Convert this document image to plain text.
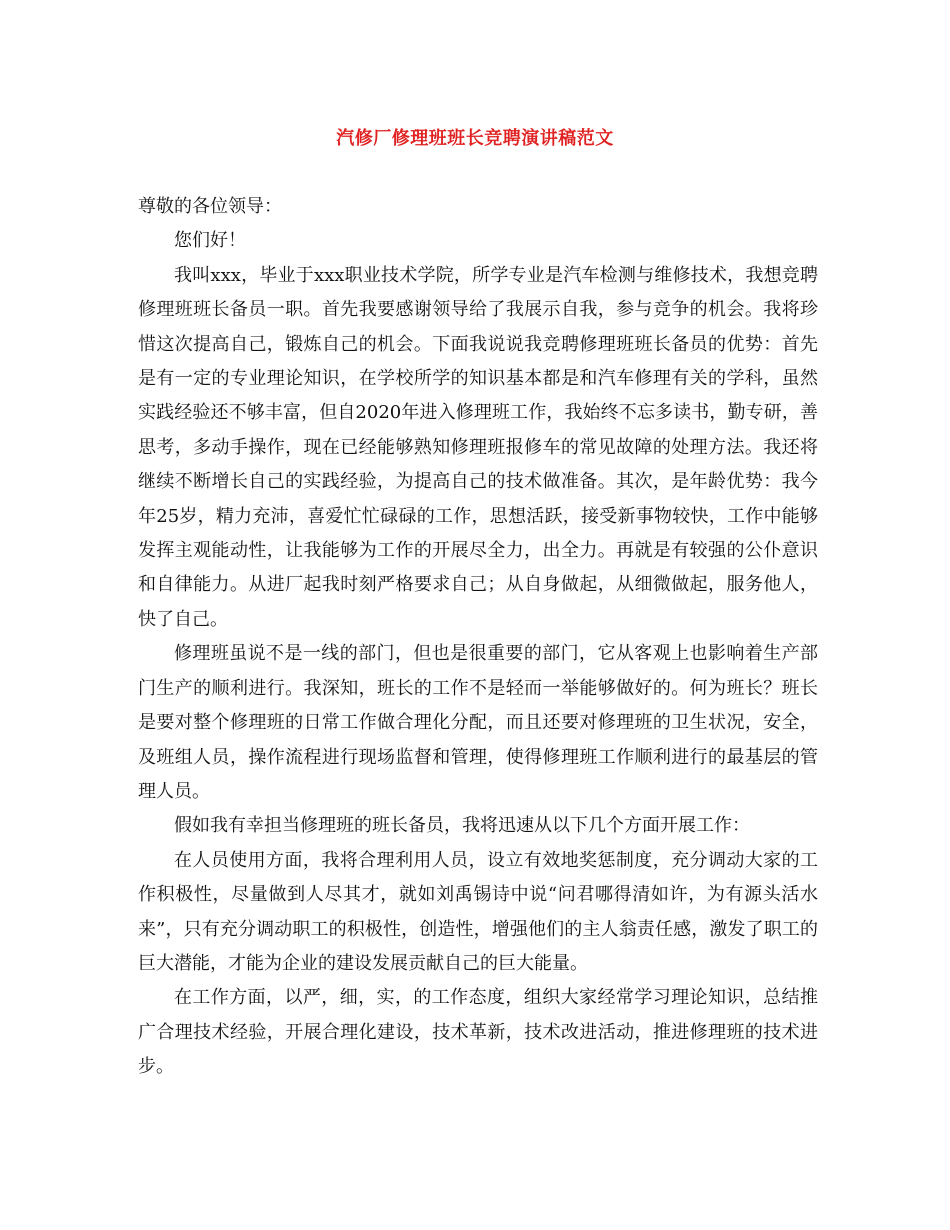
汽修厂修理班班长竞聘演讲稿范文

尊敬的各位领导：

您们好！

我叫xxx，毕业于xxx职业技术学院，所学专业是汽车检测与维修技术，我想竞聘修理班班长备员一职。首先我要感谢领导给了我展示自我，参与竞争的机会。我将珍惜这次提高自己，锻炼自己的机会。下面我说说我竞聘修理班班长备员的优势：首先是有一定的专业理论知识，在学校所学的知识基本都是和汽车修理有关的学科，虽然实践经验还不够丰富，但自2020年进入修理班工作，我始终不忘多读书，勤专研，善思考，多动手操作，现在已经能够熟知修理班报修车的常见故障的处理方法。我还将继续不断增长自己的实践经验，为提高自己的技术做准备。其次，是年龄优势：我今年25岁，精力充沛，喜爱忙忙碌碌的工作，思想活跃，接受新事物较快，工作中能够发挥主观能动性，让我能够为工作的开展尽全力，出全力。再就是有较强的公仆意识和自律能力。从进厂起我时刻严格要求自己；从自身做起，从细微做起，服务他人，快了自己。

修理班虽说不是一线的部门，但也是很重要的部门，它从客观上也影响着生产部门生产的顺利进行。我深知，班长的工作不是轻而一举能够做好的。何为班长？班长是要对整个修理班的日常工作做合理化分配，而且还要对修理班的卫生状况，安全，及班组人员，操作流程进行现场监督和管理，使得修理班工作顺利进行的最基层的管理人员。

假如我有幸担当修理班的班长备员，我将迅速从以下几个方面开展工作：

在人员使用方面，我将合理利用人员，设立有效地奖惩制度，充分调动大家的工作积极性，尽量做到人尽其才，就如刘禹锡诗中说“问君哪得清如许，为有源头活水来”，只有充分调动职工的积极性，创造性，增强他们的主人翁责任感，激发了职工的巨大潜能，才能为企业的建设发展贡献自己的巨大能量。

在工作方面，以严，细，实，的工作态度，组织大家经常学习理论知识，总结推广合理技术经验，开展合理化建设，技术革新，技术改进活动，推进修理班的技术进步。
